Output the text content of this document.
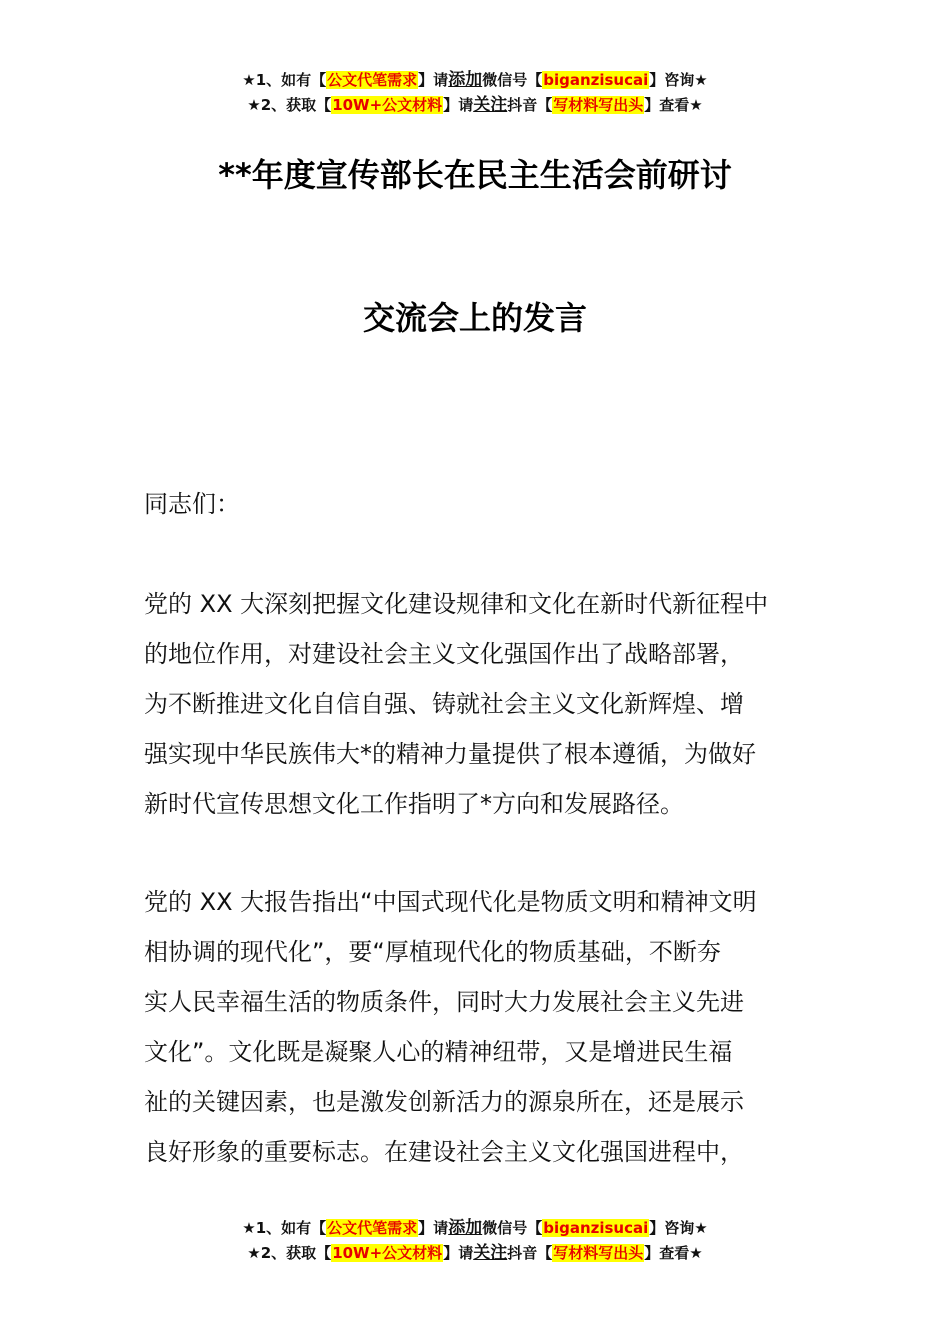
★1、如有【公文代笔需求】请添加微信号【biganzisucai】咨询★
★2、获取【10W+公文材料】请关注抖音【写材料写出头】查看★
**年度宣传部长在民主生活会前研讨
交流会上的发言
同志们：
党的 XX 大深刻把握文化建设规律和文化在新时代新征程中
的地位作用，对建设社会主义文化强国作出了战略部署，
为不断推进文化自信自强、铸就社会主义文化新辉煌、增
强实现中华民族伟大*的精神力量提供了根本遵循，为做好
新时代宣传思想文化工作指明了*方向和发展路径。
党的 XX 大报告指出“中国式现代化是物质文明和精神文明
相协调的现代化”，要“厚植现代化的物质基础，不断夯
实人民幸福生活的物质条件，同时大力发展社会主义先进
文化”。文化既是凝聚人心的精神纽带，又是增进民生福
祉的关键因素，也是激发创新活力的源泉所在，还是展示
良好形象的重要标志。在建设社会主义文化强国进程中，
★1、如有【公文代笔需求】请添加微信号【biganzisucai】咨询★
★2、获取【10W+公文材料】请关注抖音【写材料写出头】查看★
